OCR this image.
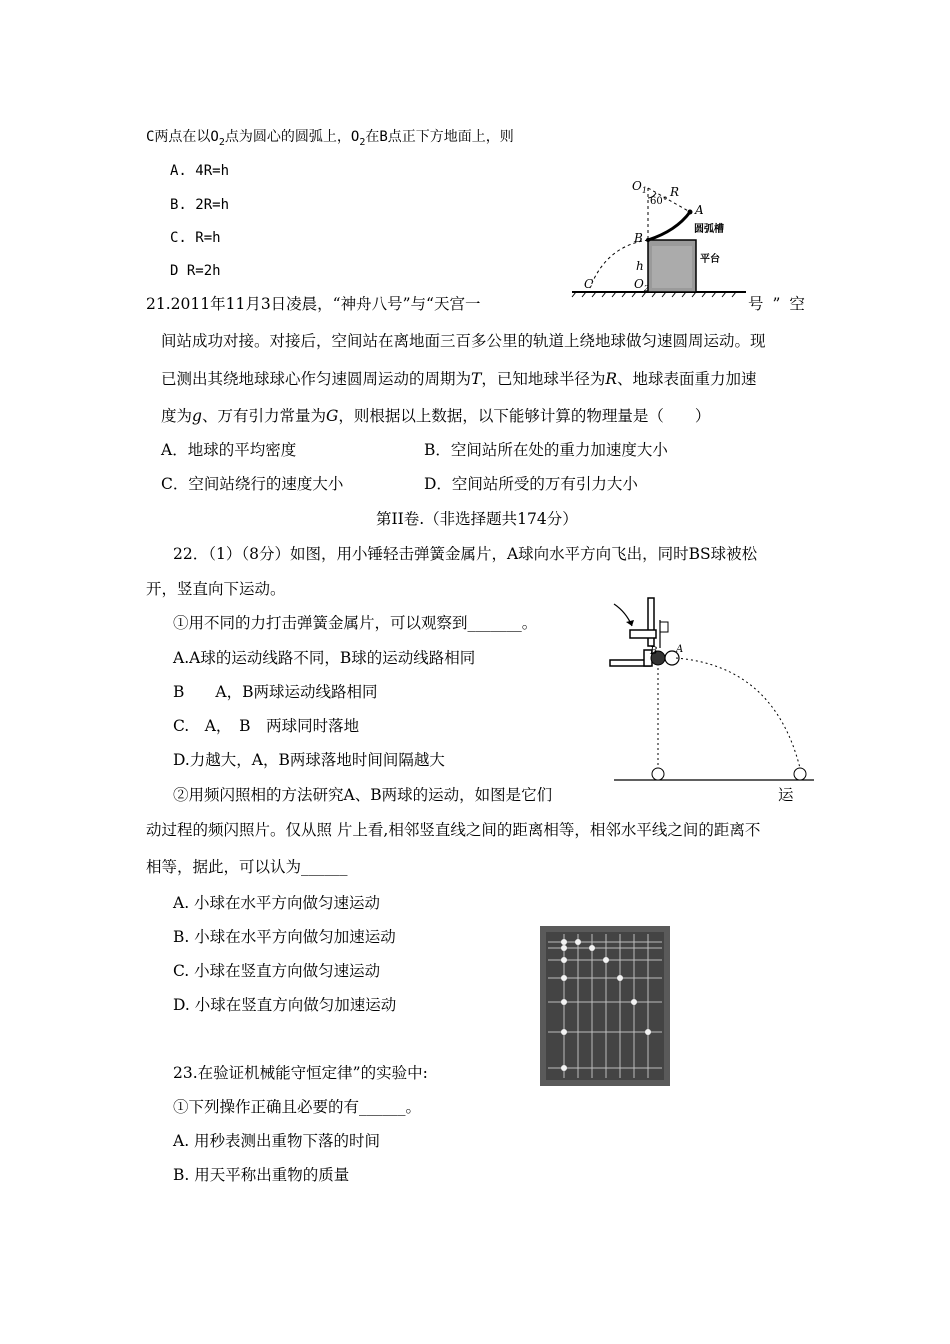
C两点在以$O_2$点为圆心的圆弧上，$O_2$在B点正下方地面上，则
A. 4R=h
B. 2R=h
C. R=h
D R=2h
$O_1$
60°
R
A
圆弧槽
B
h	平台
C	$O_2$
21.2011年11月3日凌晨，“神舟八号”与“天宫一	号”空
间站成功对接。对接后，空间站在离地面三百多公里的轨道上绕地球做匀速圆周运动。现
已测出其绕地球球心作匀速圆周运动的周期为T，已知地球半径为R、地球表面重力加速
度为g、万有引力常量为G，则根据以上数据，以下能够计算的物理量是（　　）
A．地球的平均密度	B．空间站所在处的重力加速度大小
C．空间站绕行的速度大小	D．空间站所受的万有引力大小
第II卷.（非选择题共174分）
22．（1）（8分）如图，用小锤轻击弹簧金属片，A球向水平方向飞出，同时BS球被松
开，竖直向下运动。
①用不同的力打击弹簧金属片，可以观察到_______。
A.A球的运动线路不同，B球的运动线路相同
B　　A，B两球运动线路相同
C.　A，　B　两球同时落地
D.力越大，A，B两球落地时间间隔越大
②用频闪照相的方法研究A、B两球的运动，如图是它们	运
动过程的频闪照片。仅从照 片上看,相邻竖直线之间的距离相等，相邻水平线之间的距离不
相等，据此，可以认为______
A. 小球在水平方向做匀速运动
B. 小球在水平方向做匀加速运动
C. 小球在竖直方向做匀速运动
D. 小球在竖直方向做匀加速运动
B A
23.在验证机械能守恒定律”的实验中:
①下列操作正确且必要的有______。
A. 用秒表测出重物下落的时间
B. 用天平称出重物的质量
